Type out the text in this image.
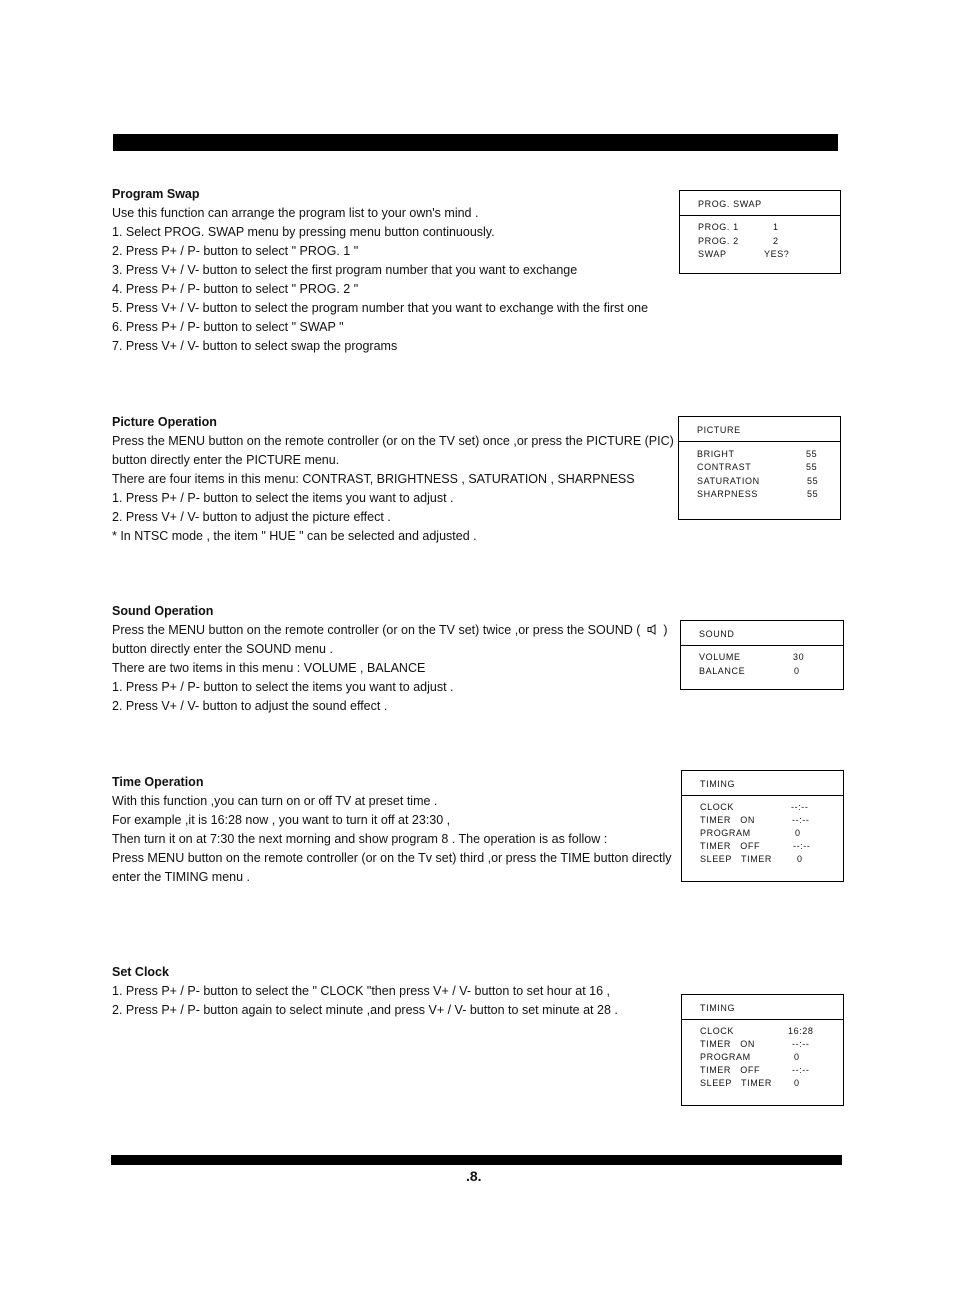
Program Swap
Use this function can arrange the program list to your own's mind .
1. Select PROG. SWAP menu by pressing menu button continuously.
2. Press P+ / P- button to select " PROG. 1 "
3. Press V+ / V- button to select the first program number that you want to exchange
4. Press P+ / P- button to select " PROG. 2 "
5. Press V+ / V- button to select the program number that you want to exchange with the first one
6. Press P+ / P- button to select " SWAP "
7. Press V+ / V- button to select swap the programs
PROG. SWAP
PROG. 1	1
PROG. 2	2
SWAP	YES?
Picture Operation
Press the MENU button on the remote controller (or on the TV set) once ,or press the PICTURE (PIC)
button directly enter the PICTURE menu.
There are four items in this menu: CONTRAST, BRIGHTNESS , SATURATION , SHARPNESS
1. Press P+ / P- button to select the items you want to adjust .
2. Press V+ / V- button to adjust the picture effect .
* In NTSC mode , the item " HUE " can be selected and adjusted .
PICTURE
BRIGHT	55
CONTRAST	55
SATURATION	55
SHARPNESS	55
Sound Operation
Press the MENU button on the remote controller (or on the TV set) twice ,or press the SOUND ( )
button directly enter the SOUND menu .
There are two items in this menu : VOLUME , BALANCE
1. Press P+ / P- button to select the items you want to adjust .
2. Press V+ / V- button to adjust the sound effect .
SOUND
VOLUME	30
BALANCE	0
Time Operation
With this function ,you can turn on or off TV at preset time .
For example ,it is 16:28 now , you want to turn it off at 23:30 ,
Then turn it on at 7:30 the next morning and show program 8 . The operation is as follow :
Press MENU button on the remote controller (or on the Tv set) third ,or press the TIME button directly
enter the TIMING menu .
TIMING
CLOCK	--:--
TIMER   ON	--:--
PROGRAM	0
TIMER   OFF	--:--
SLEEP   TIMER	0
Set Clock
1. Press P+ / P- button to select the " CLOCK "then press V+ / V- button to set hour at 16 ,
2. Press P+ / P- button again to select minute ,and press V+ / V- button to set minute at 28 .	TIMING
CLOCK	16:28
TIMER   ON	--:--
PROGRAM	0
TIMER   OFF	--:--
SLEEP   TIMER 0
.8.
